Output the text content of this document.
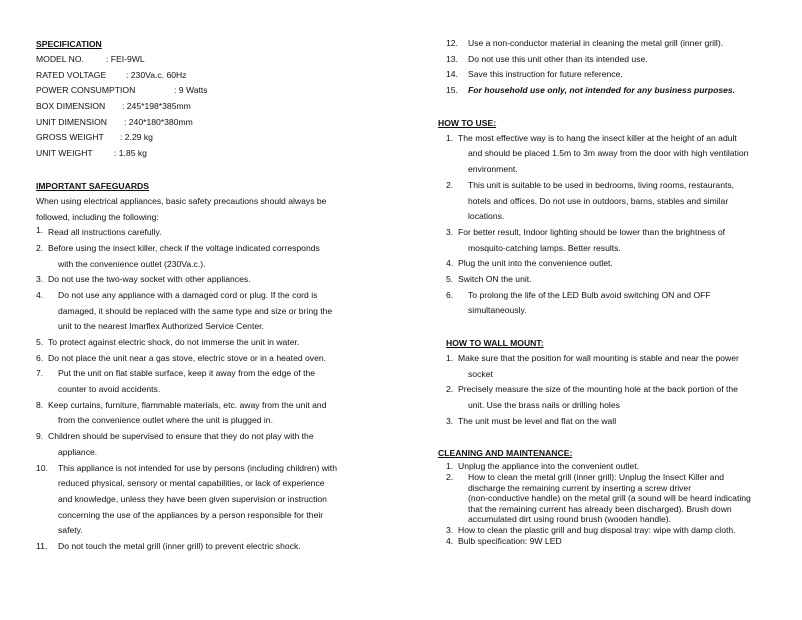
SPECIFICATION
MODEL NO.	: FEI-9WL
RATED VOLTAGE : 230Va.c. 60Hz
POWER CONSUMPTION	: 9 Watts
BOX DIMENSION : 245*198*385mm
UNIT DIMENSION : 240*180*380mm
GROSS WEIGHT : 2.29 kg
UNIT WEIGHT : 1.85 kg
IMPORTANT SAFEGUARDS
When using electrical appliances, basic safety precautions should always be
followed, including the following:
1. Read all instructions carefully.
2. Before using the insect killer, check if the voltage indicated corresponds
with the convenience outlet (230Va.c.).
3. Do not use the two-way socket with other appliances.
4.	Do not use any appliance with a damaged cord or plug. If the cord is
damaged, it should be replaced with the same type and size or bring the
unit to the nearest Imarflex Authorized Service Center.
5. To protect against electric shock, do not immerse the unit in water.
6. Do not place the unit near a gas stove, electric stove or in a heated oven.
7.	Put the unit on flat stable surface, keep it away from the edge of the
counter to avoid accidents.
8. Keep curtains, furniture, flammable materials, etc. away from the unit and
from the convenience outlet where the unit is plugged in.
9. Children should be supervised to ensure that they do not play with the
appliance.
10.	This appliance is not intended for use by persons (including children) with
reduced physical, sensory or mental capabilities, or lack of experience
and knowledge, unless they have been given supervision or instruction
concerning the use of the appliances by a person responsible for their
safety.
11.	Do not touch the metal grill (inner grill) to prevent electric shock.
12.	Use a non-conductor material in cleaning the metal grill (inner grill).
13.	Do not use this unit other than its intended use.
14.	Save this instruction for future reference.
15.	For household use only, not intended for any business purposes.
HOW TO USE:
1. The most effective way is to hang the insect killer at the height of an adult
and should be placed 1.5m to 3m away from the door with high ventilation
environment.
2.	This unit is suitable to be used in bedrooms, living rooms, restaurants,
hotels and offices. Do not use in outdoors, barns, stables and similar
locations.
3. For better result, Indoor lighting should be lower than the brightness of
mosquito-catching lamps. Better results.
4. Plug the unit into the convenience outlet.
5. Switch ON the unit.
6.	To prolong the life of the LED Bulb avoid switching ON and OFF
simultaneously.
HOW TO WALL MOUNT:
1. Make sure that the position for wall mounting is stable and near the power
socket
2. Precisely measure the size of the mounting hole at the back portion of the
unit. Use the brass nails or drilling holes
3. The unit must be level and flat on the wall
CLEANING AND MAINTENANCE:
1. Unplug the appliance into the convenient outlet.
2.	How to clean the metal grill (inner grill): Unplug the Insect Killer and
discharge the remaining current by inserting a screw driver
(non-conductive handle) on the metal grill (a sound will be heard indicating
that the remaining current has already been discharged). Brush down
accumulated dirt using round brush (wooden handle).
3. How to clean the plastic grill and bug disposal tray: wipe with damp cloth.
4. Bulb specification: 9W LED
